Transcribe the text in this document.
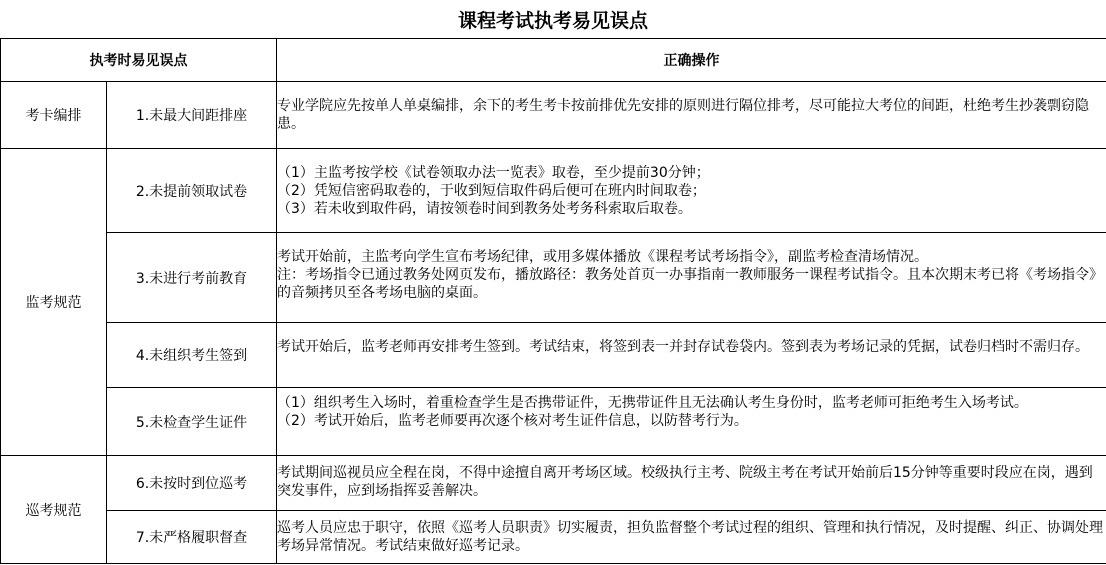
课程考试执考易见误点
执考时易见误点		正确操作
考卡编排	1.未最大间距排座	专业学院应先按单人单桌编排，余下的考生考卡按前排优先安排的原则进行隔位排考，尽可能拉大考位的间距，杜绝考生抄袭剽窃隐患。

监考规范	2.未提前领取试卷	（1）主监考按学校《试卷领取办法一览表》取卷，至少提前30分钟；
（2）凭短信密码取卷的，于收到短信取件码后便可在班内时间取卷；
（3）若未收到取件码，请按领卷时间到教务处考务科索取后取卷。

	3.未进行考前教育	考试开始前，主监考向学生宣布考场纪律，或用多媒体播放《课程考试考场指令》，副监考检查清场情况。
注：考场指令已通过教务处网页发布，播放路径：教务处首页一办事指南一教师服务一课程考试指令。且本次期末考已将《考场指令》的音频拷贝至各考场电脑的桌面。

	4.未组织考生签到	考试开始后，监考老师再安排考生签到。考试结束，将签到表一并封存试卷袋内。签到表为考场记录的凭据，试卷归档时不需归存。

	5.未检查学生证件	（1）组织考生入场时，着重检查学生是否携带证件，无携带证件且无法确认考生身份时，监考老师可拒绝考生入场考试。
（2）考试开始后，监考老师要再次逐个核对考生证件信息，以防替考行为。

巡考规范	6.未按时到位巡考	考试期间巡视员应全程在岗，不得中途擅自离开考场区域。校级执行主考、院级主考在考试开始前后15分钟等重要时段应在岗，遇到突发事件，应到场指挥妥善解决。

	7.未严格履职督查	巡考人员应忠于职守，依照《巡考人员职责》切实履责，担负监督整个考试过程的组织、管理和执行情况，及时提醒、纠正、协调处理考场异常情况。考试结束做好巡考记录。
